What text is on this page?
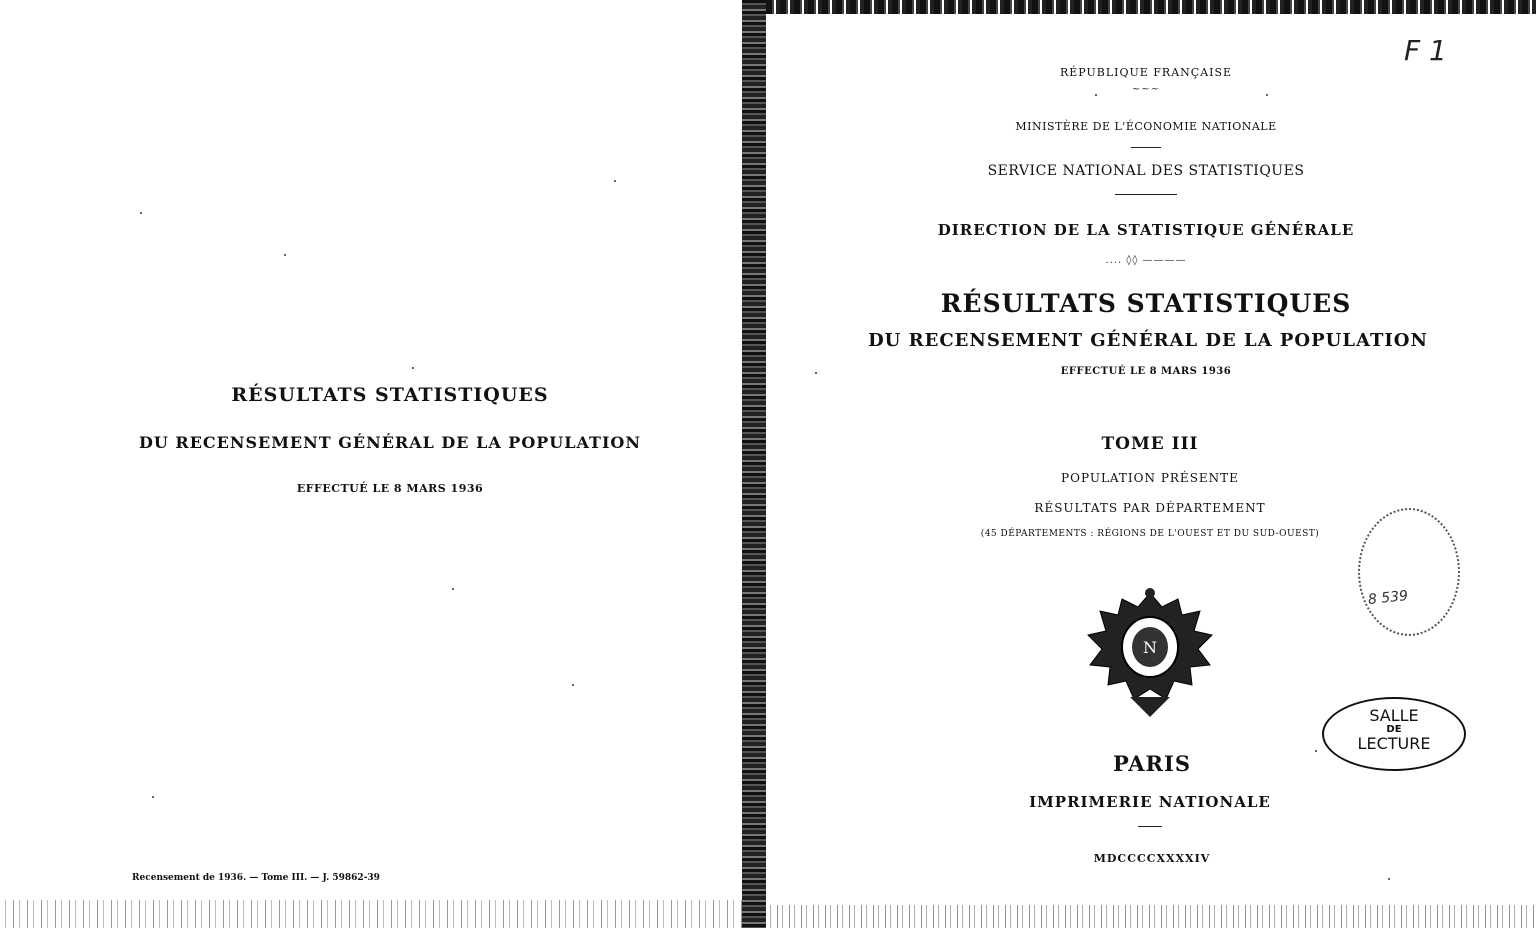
RÉSULTATS STATISTIQUES
DU RECENSEMENT GÉNÉRAL DE LA POPULATION
EFFECTUÉ LE 8 MARS 1936
Recensement de 1936. — Tome III. — J. 59862-39
RÉPUBLIQUE FRANÇAISE
~~~
MINISTÈRE DE L'ÉCONOMIE NATIONALE
SERVICE NATIONAL DES STATISTIQUES
DIRECTION DE LA STATISTIQUE GÉNÉRALE
.... ◊◊ ————
RÉSULTATS STATISTIQUES
DU RECENSEMENT GÉNÉRAL DE LA POPULATION
EFFECTUÉ LE 8 MARS 1936
TOME III
POPULATION PRÉSENTE
RÉSULTATS PAR DÉPARTEMENT
(45 DÉPARTEMENTS : RÉGIONS DE L'OUEST ET DU SUD-OUEST)
N
PARIS
IMPRIMERIE NATIONALE
MDCCCCXXXXIV
F 1
8 539
SALLE
DE
LECTURE
